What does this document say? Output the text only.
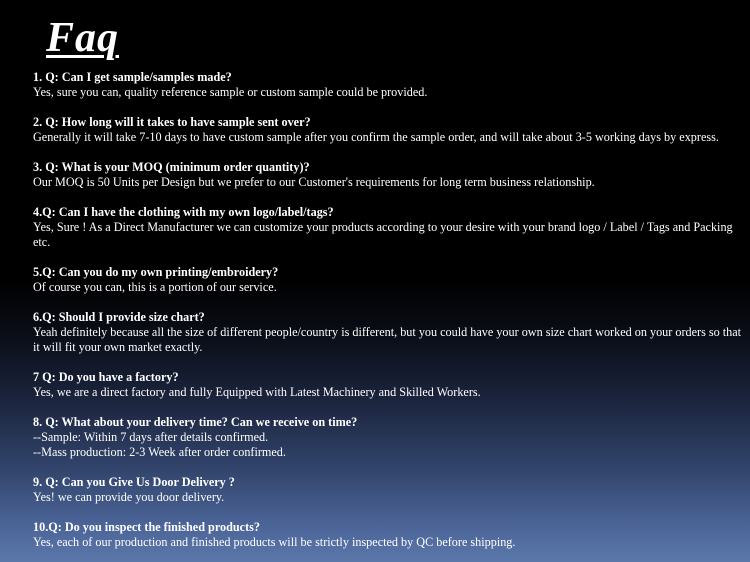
Faq
1. Q: Can I get sample/samples made?
Yes, sure you can, quality reference sample or custom sample could be provided.
2. Q: How long will it takes to have sample sent over?
Generally it will take 7-10 days to have custom sample after you confirm the sample order, and will take about 3-5 working days by express.
3. Q: What is your MOQ (minimum order quantity)?
Our MOQ is 50 Units per Design but we prefer to our Customer's requirements for long term business relationship.
4.Q: Can I have the clothing with my own logo/label/tags?
Yes, Sure ! As a Direct Manufacturer we can customize your products according to your desire with your brand logo / Label / Tags and Packing etc.
5.Q: Can you do my own printing/embroidery?
Of course you can, this is a portion of our service.
6.Q: Should I provide size chart?
Yeah definitely because all the size of different people/country is different, but you could have your own size chart worked on your orders so that it will fit your own market exactly.
7 Q: Do you have a factory?
Yes, we are a direct factory and fully Equipped with Latest Machinery and Skilled Workers.
8. Q: What about your delivery time? Can we receive on time?
--Sample: Within 7 days after details confirmed.
--Mass production: 2-3 Week after order confirmed.
9. Q: Can you Give Us Door Delivery ?
Yes! we can provide you door delivery.
10.Q: Do you inspect the finished products?
Yes, each of our production and finished products will be strictly inspected by QC before shipping.
